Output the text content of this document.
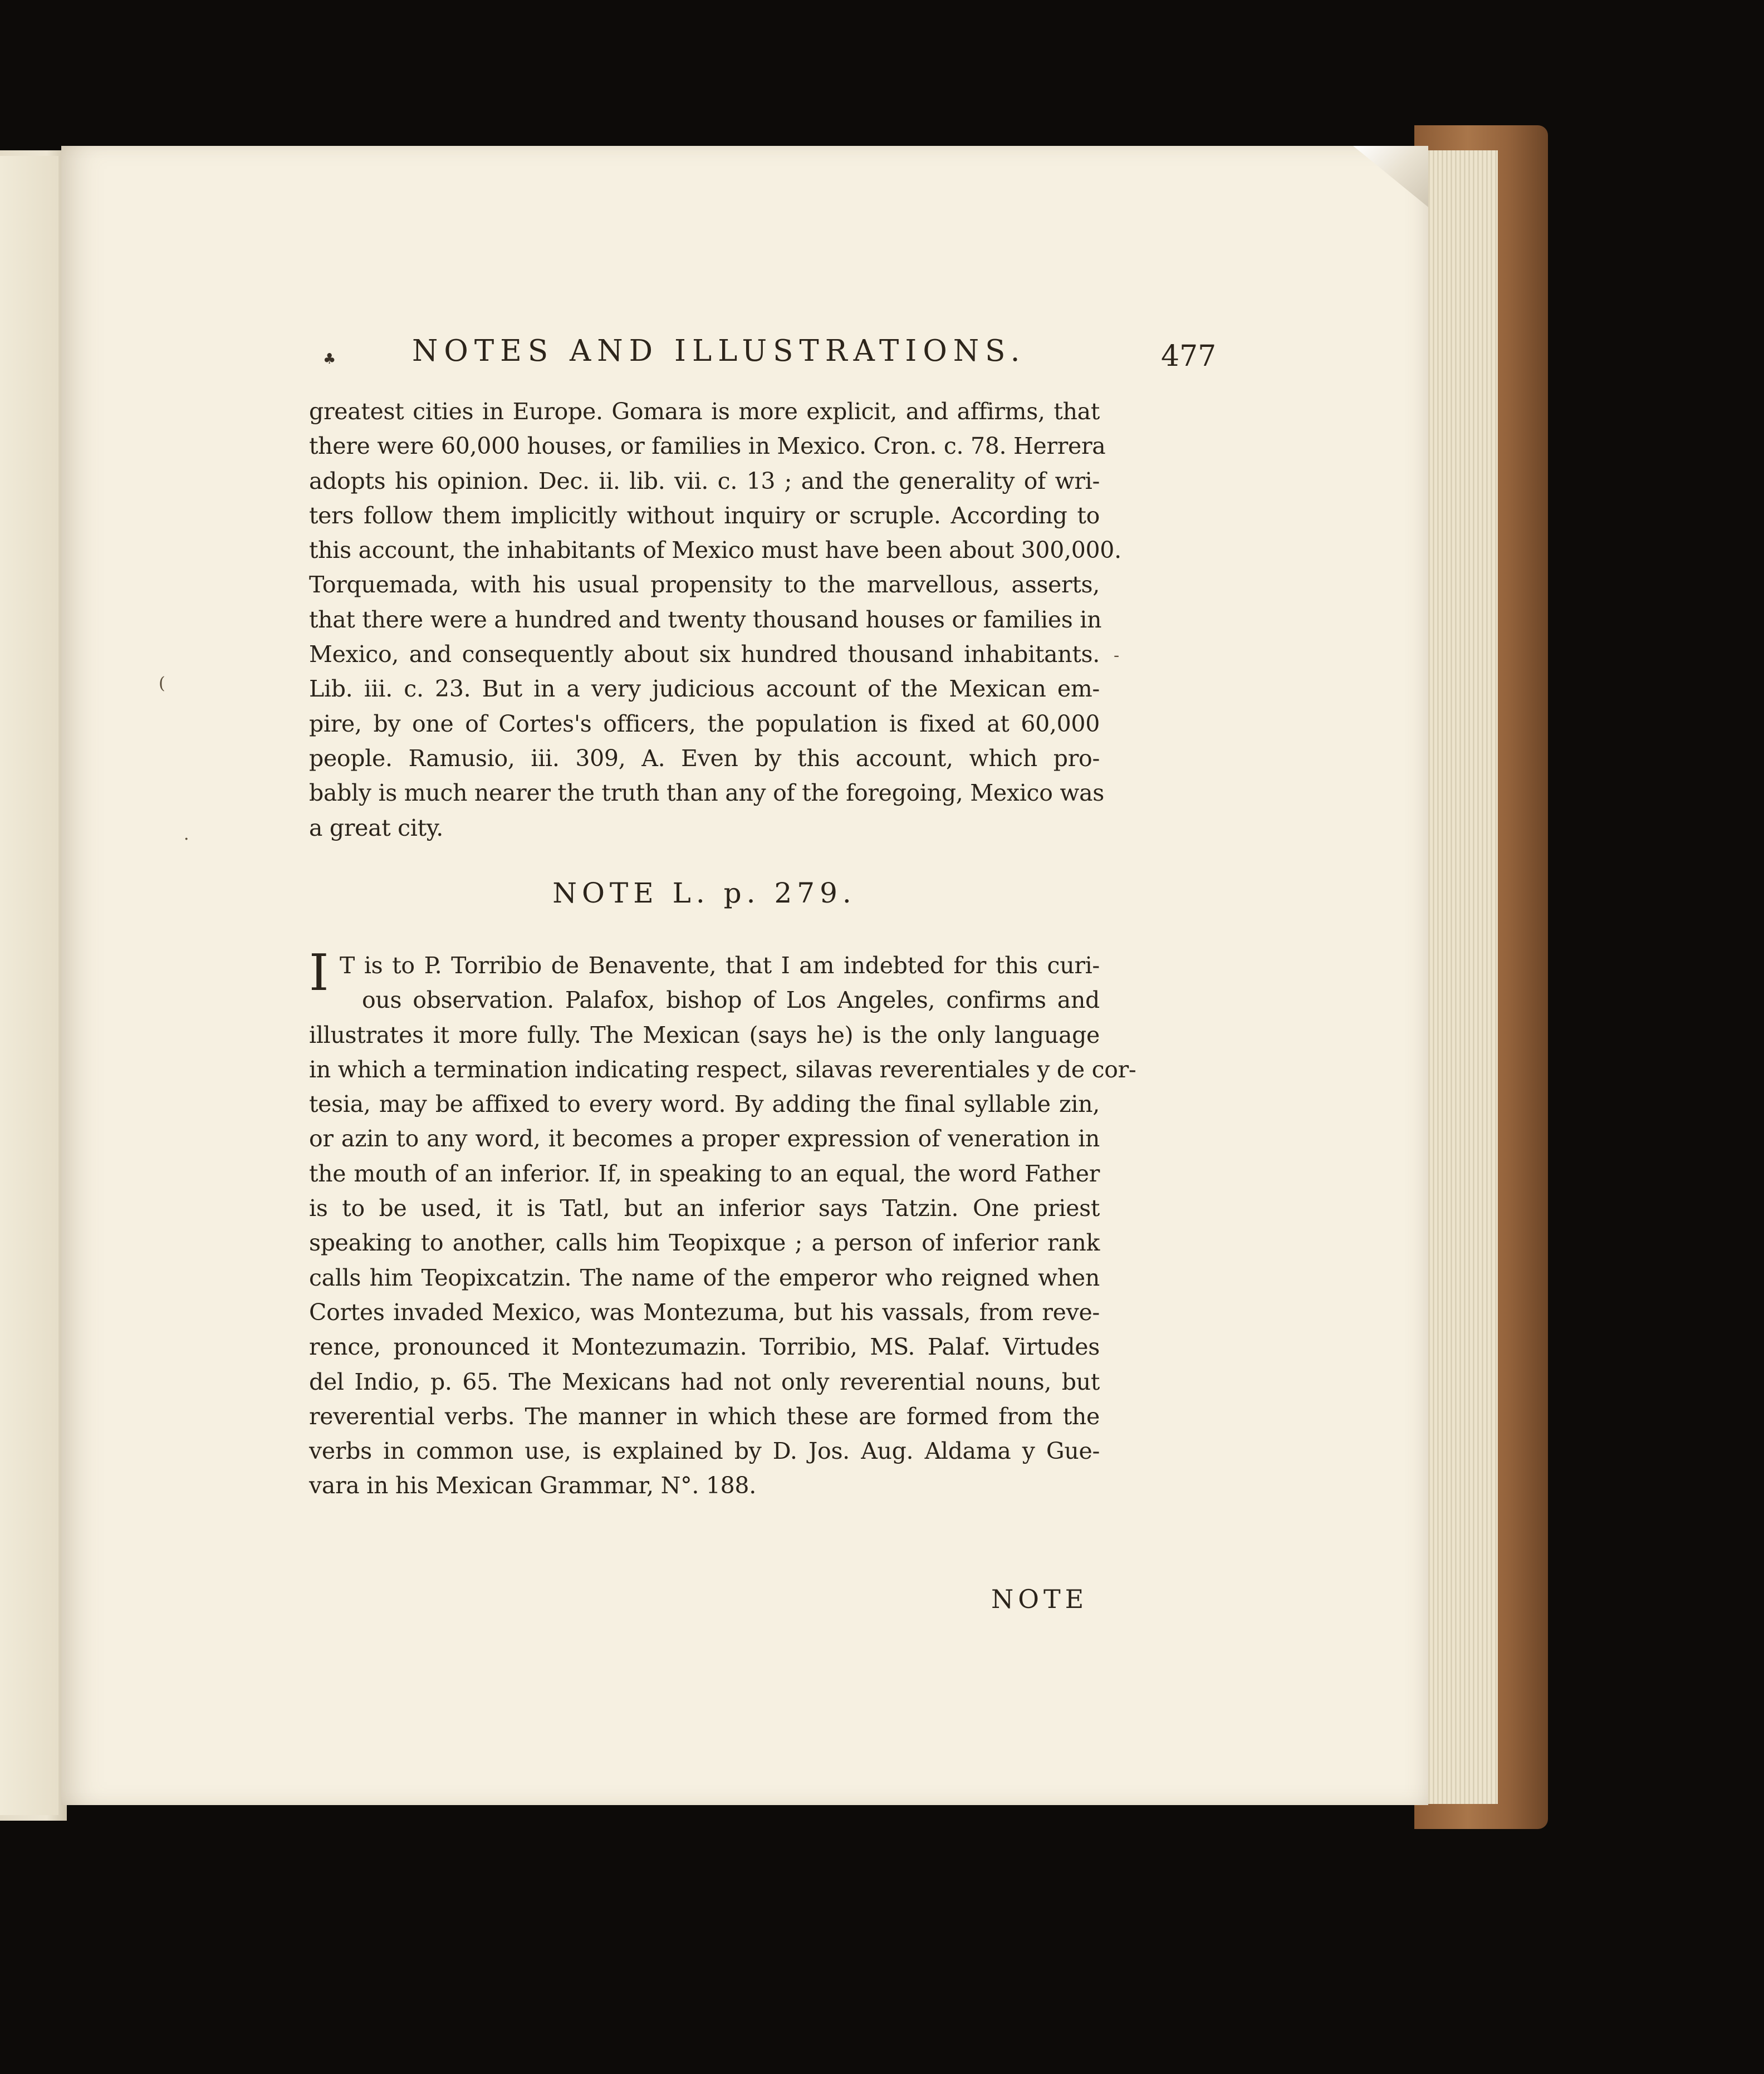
♣	NOTES AND ILLUSTRATIONS.	477
greatest cities in Europe. Gomara is more explicit, and affirms, that
there were 60,000 houses, or families in Mexico. Cron. c. 78. Herrera
adopts his opinion. Dec. ii. lib. vii. c. 13 ; and the generality of wri-
ters follow them implicitly without inquiry or scruple. According to
this account, the inhabitants of Mexico must have been about 300,000.
Torquemada, with his usual propensity to the marvellous, asserts,
that there were a hundred and twenty thousand houses or families in
Mexico, and consequently about six hundred thousand inhabitants.
Lib. iii. c. 23. But in a very judicious account of the Mexican em-
pire, by one of Cortes's officers, the population is fixed at 60,000
people. Ramusio, iii. 309, A. Even by this account, which pro-
bably is much nearer the truth than any of the foregoing, Mexico was
a great city.
NOTE L. p. 279.
I T is to P. Torribio de Benavente, that I am indebted for this curi-
ous observation. Palafox, bishop of Los Angeles, confirms and
illustrates it more fully. The Mexican (says he) is the only language
in which a termination indicating respect, silavas reverentiales y de cor-
tesia, may be affixed to every word. By adding the final syllable zin,
or azin to any word, it becomes a proper expression of veneration in
the mouth of an inferior. If, in speaking to an equal, the word Father
is to be used, it is Tatl, but an inferior says Tatzin. One priest
speaking to another, calls him Teopixque ; a person of inferior rank
calls him Teopixcatzin. The name of the emperor who reigned when
Cortes invaded Mexico, was Montezuma, but his vassals, from reve-
rence, pronounced it Montezumazin. Torribio, MS. Palaf. Virtudes
del Indio, p. 65. The Mexicans had not only reverential nouns, but
reverential verbs. The manner in which these are formed from the
verbs in common use, is explained by D. Jos. Aug. Aldama y Gue-
vara in his Mexican Grammar, N°. 188.
NOTE
(
·
-
